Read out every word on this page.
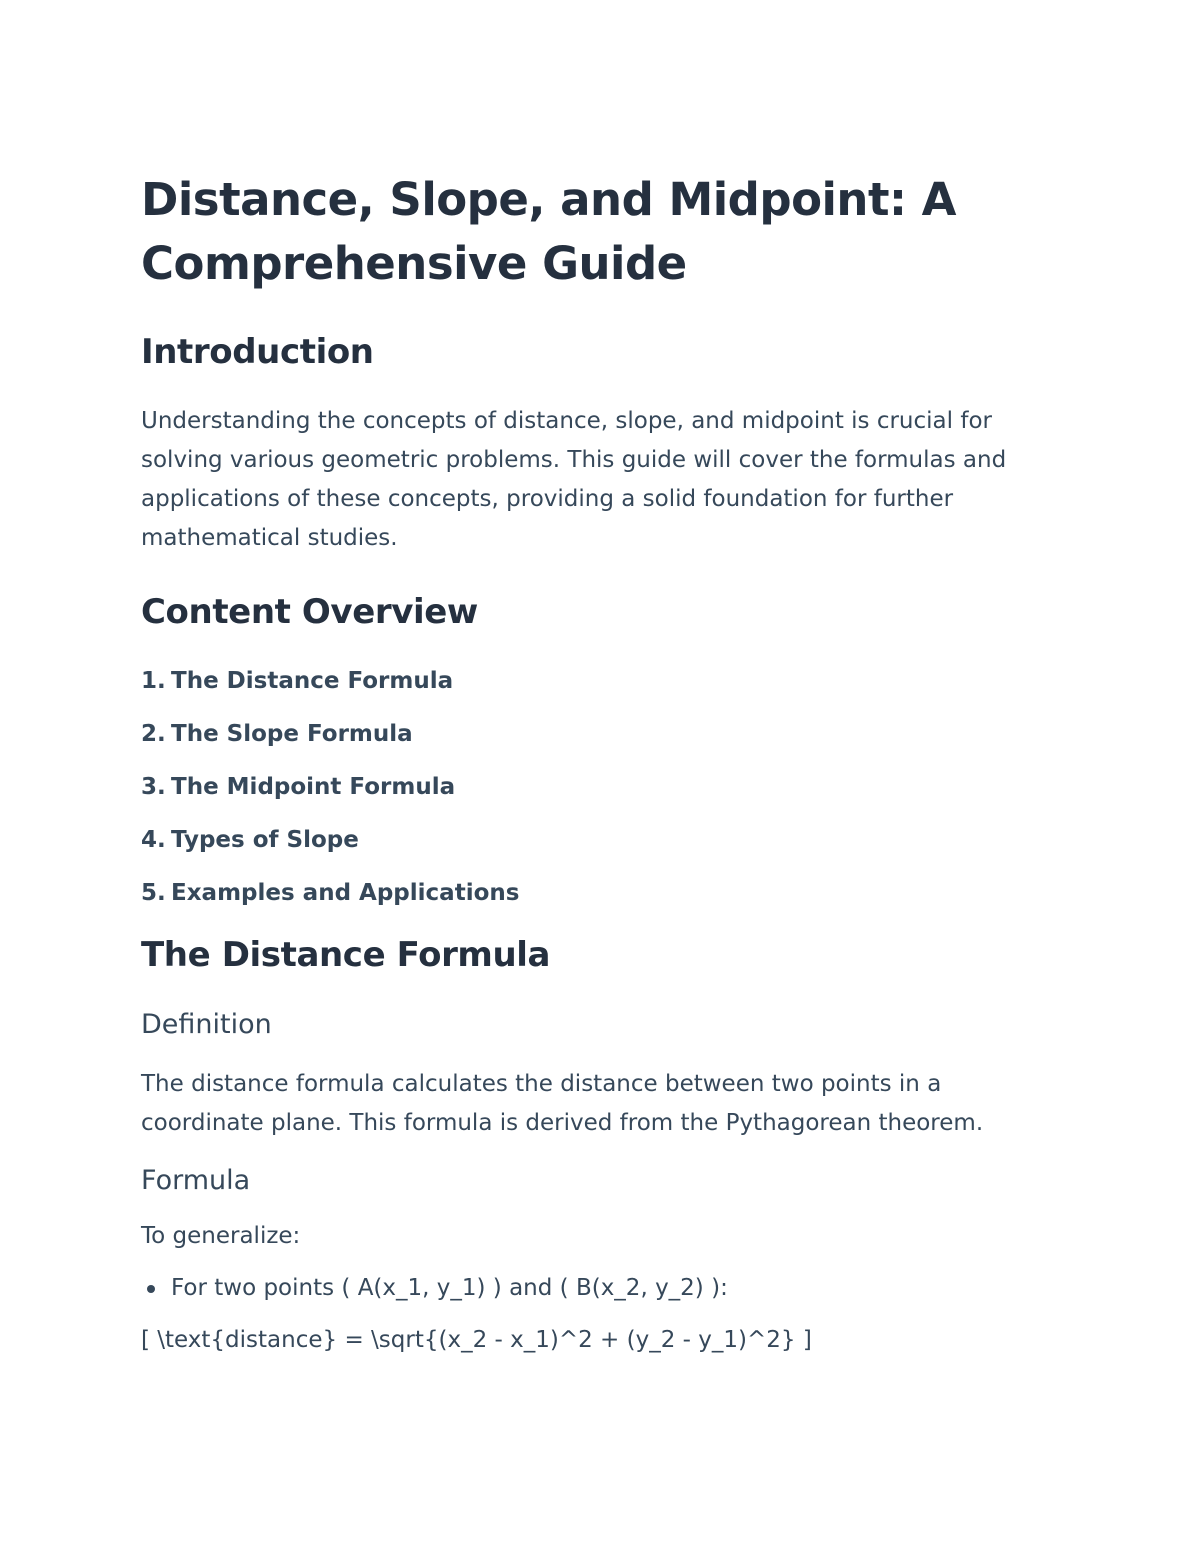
Distance, Slope, and Midpoint: A Comprehensive Guide
Introduction

Understanding the concepts of distance, slope, and midpoint is crucial for solving various geometric problems. This guide will cover the formulas and applications of these concepts, providing a solid foundation for further mathematical studies.

Content Overview
1. The Distance Formula
2. The Slope Formula
3. The Midpoint Formula
4. Types of Slope
5. Examples and Applications
The Distance Formula
Definition

The distance formula calculates the distance between two points in a coordinate plane. This formula is derived from the Pythagorean theorem.

Formula

To generalize:

For two points ( A(x_1, y_1) ) and ( B(x_2, y_2) ):

[ \text{distance} = \sqrt{(x_2 - x_1)^2 + (y_2 - y_1)^2} ]
